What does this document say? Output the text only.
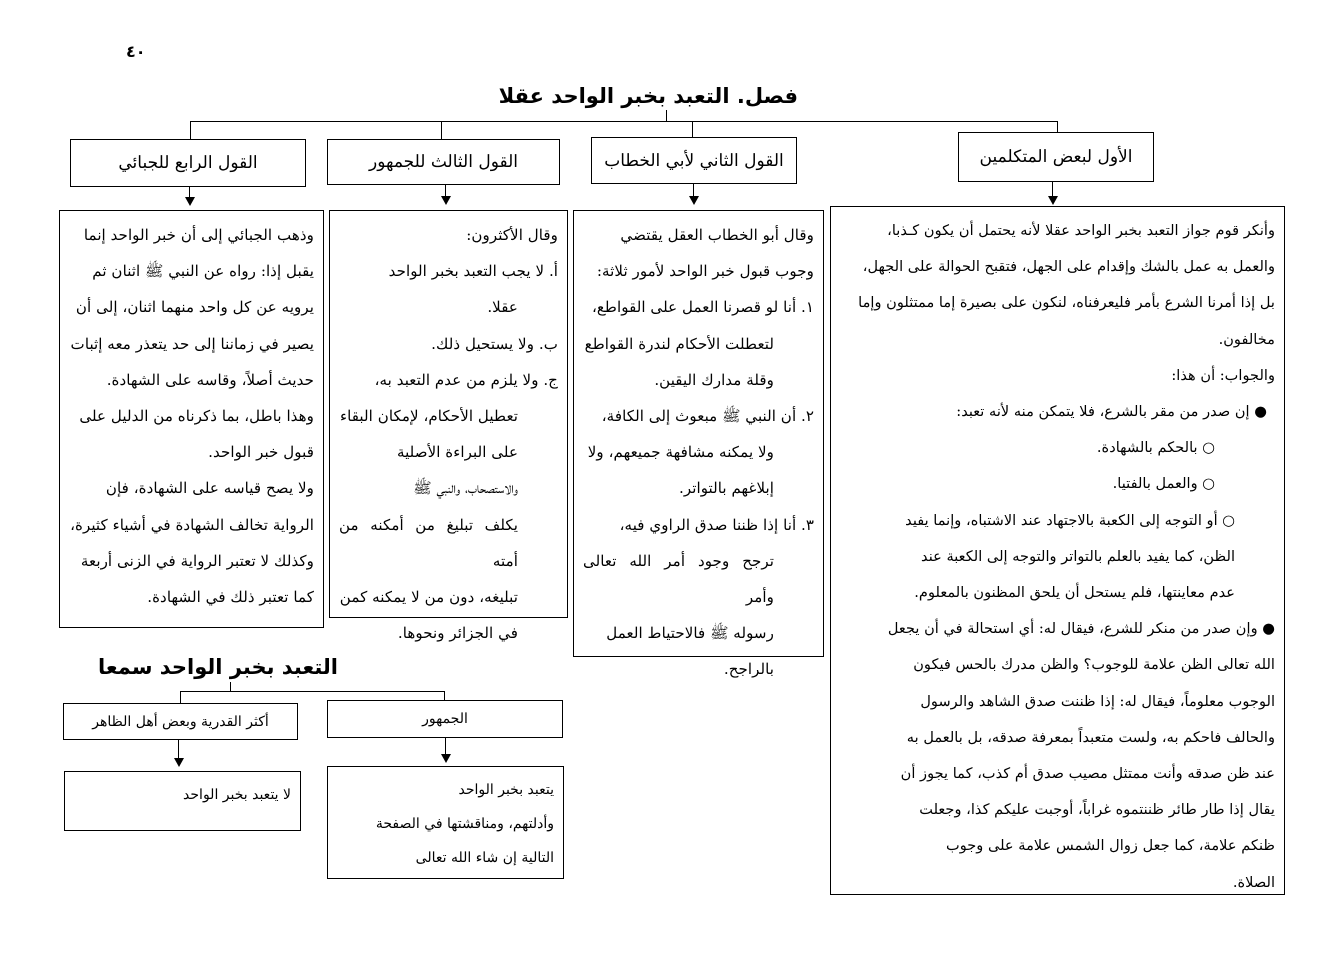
٤٠
فصل. التعبد بخبر الواحد عقلا
الأول لبعض المتكلمين
القول الثاني لأبي الخطاب
القول الثالث للجمهور
القول الرابع للجبائي

وأنكر قوم جواز التعبد بخبر الواحد عقلا لأنه يحتمل أن يكون كـذبا،

والعمل به عمل بالشك وإقدام على الجهل، فتقبح الحوالة على الجهل،

بل إذا أمرنا الشرع بأمر فليعرفناه، لنكون على بصيرة إما ممتثلون وإما

مخالفون.

والجواب: أن هذا:

● إن صدر من مقر بالشرع، فلا يتمكن منه لأنه تعبد:

○ بالحكم بالشهادة.

○ والعمل بالفتيا.

○ أو التوجه إلى الكعبة بالاجتهاد عند الاشتباه، وإنما يفيد

الظن، كما يفيد بالعلم بالتواتر والتوجه إلى الكعبة عند

عدم معاينتها، فلم يستحل أن يلحق المظنون بالمعلوم.

● وإن صدر من منكر للشرع، فيقال له: أي استحالة في أن يجعل

الله تعالى الظن علامة للوجوب؟ والظن مدرك بالحس فيكون

الوجوب معلوماً، فيقال له: إذا ظننت صدق الشاهد والرسول

والحالف فاحكم به، ولست متعبداً بمعرفة صدقه، بل بالعمل به

عند ظن صدقه وأنت ممتثل مصيب صدق أم كذب، كما يجوز أن

يقال إذا طار طائر ظننتموه غراباً، أوجبت عليكم كذا، وجعلت

ظنكم علامة، كما جعل زوال الشمس علامة على وجوب

الصلاة.

وقال أبو الخطاب العقل يقتضي

وجوب قبول خبر الواحد لأمور ثلاثة:

١. أنا لو قصرنا العمل على القواطع،

لتعطلت الأحكام لندرة القواطع

وقلة مدارك اليقين.

٢. أن النبي ﷺ مبعوث إلى الكافة،

ولا يمكنه مشافهة جميعهم، ولا

إبلاغهم بالتواتر.

٣. أنا إذا ظننا صدق الراوي فيه،

ترجح وجود أمر الله تعالى وأمر

رسوله ﷺ فالاحتياط العمل

بالراجح.

وقال الأكثرون:

أ. لا يجب التعبد بخبر الواحد

عقلا.

ب. ولا يستحيل ذلك.

ج. ولا يلزم من عدم التعبد به،

تعطيل الأحكام، لإمكان البقاء

على البراءة الأصلية

والاستصحاب، والنبي ﷺ

يكلف تبليغ من أمكنه من أمته

تبليغه، دون من لا يمكنه كمن

في الجزائر ونحوها.

وذهب الجبائي إلى أن خبر الواحد إنما

يقبل إذا: رواه عن النبي ﷺ اثنان ثم

يرويه عن كل واحد منهما اثنان، إلى أن

يصير في زماننا إلى حد يتعذر معه إثبات

حديث أصلاً، وقاسه على الشهادة.

وهذا باطل، بما ذكرناه من الدليل على

قبول خبر الواحد.

ولا يصح قياسه على الشهادة، فإن

الرواية تخالف الشهادة في أشياء كثيرة،

وكذلك لا تعتبر الرواية في الزنى أربعة

كما تعتبر ذلك في الشهادة.

التعبد بخبر الواحد سمعا
الجمهور
أكثر القدرية وبعض أهل الظاهر

يتعبد بخبر الواحد

وأدلتهم، ومناقشتها في الصفحة

التالية إن شاء الله تعالى

لا يتعبد بخبر الواحد
